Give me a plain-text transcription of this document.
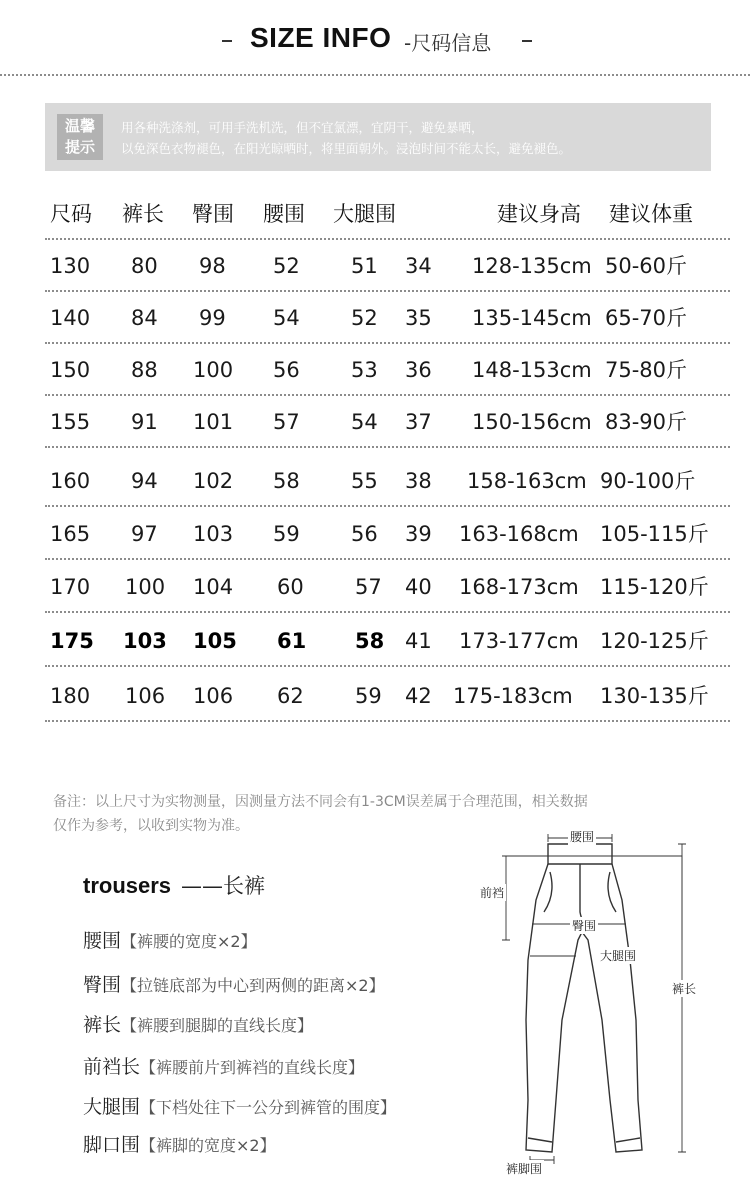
SIZE INFO -尺码信息
温馨
提示
用各种洗涤剂，可用手洗机洗，但不宜氯漂，宜阴干，避免暴晒，
以免深色衣物褪色，在阳光晾晒时，将里面朝外。浸泡时间不能太长，避免褪色。
尺码 裤长 臀围 腰围 大腿围	建议身高 建议体重
130 80 98 52 51 34 128-135cm 50-60斤
140 84 99 54 52 35 135-145cm 65-70斤
150 88 100 56 53 36 148-153cm 75-80斤
155 91 101 57 54 37 150-156cm 83-90斤
160 94 102 58 55 38 158-163cm 90-100斤
165 97 103 59 56 39 163-168cm 105-115斤
170 100 104 60 57 40 168-173cm 115-120斤
175 103 105 61 58 41 173-177cm 120-125斤
180 106 106 62 59 42 175-183cm 130-135斤
备注：以上尺寸为实物测量，因测量方法不同会有1-3CM误差属于合理范围，相关数据
仅作为参考，以收到实物为准。
trousers ——长裤
腰围【裤腰的宽度×2】
臀围【拉链底部为中心到两侧的距离×2】
裤长【裤腰到腿脚的直线长度】
前裆长【裤腰前片到裤裆的直线长度】
大腿围【下档处往下一公分到裤管的围度】
脚口围【裤脚的宽度×2】
腰围
前裆
臀围
大腿围
裤长
裤脚围
